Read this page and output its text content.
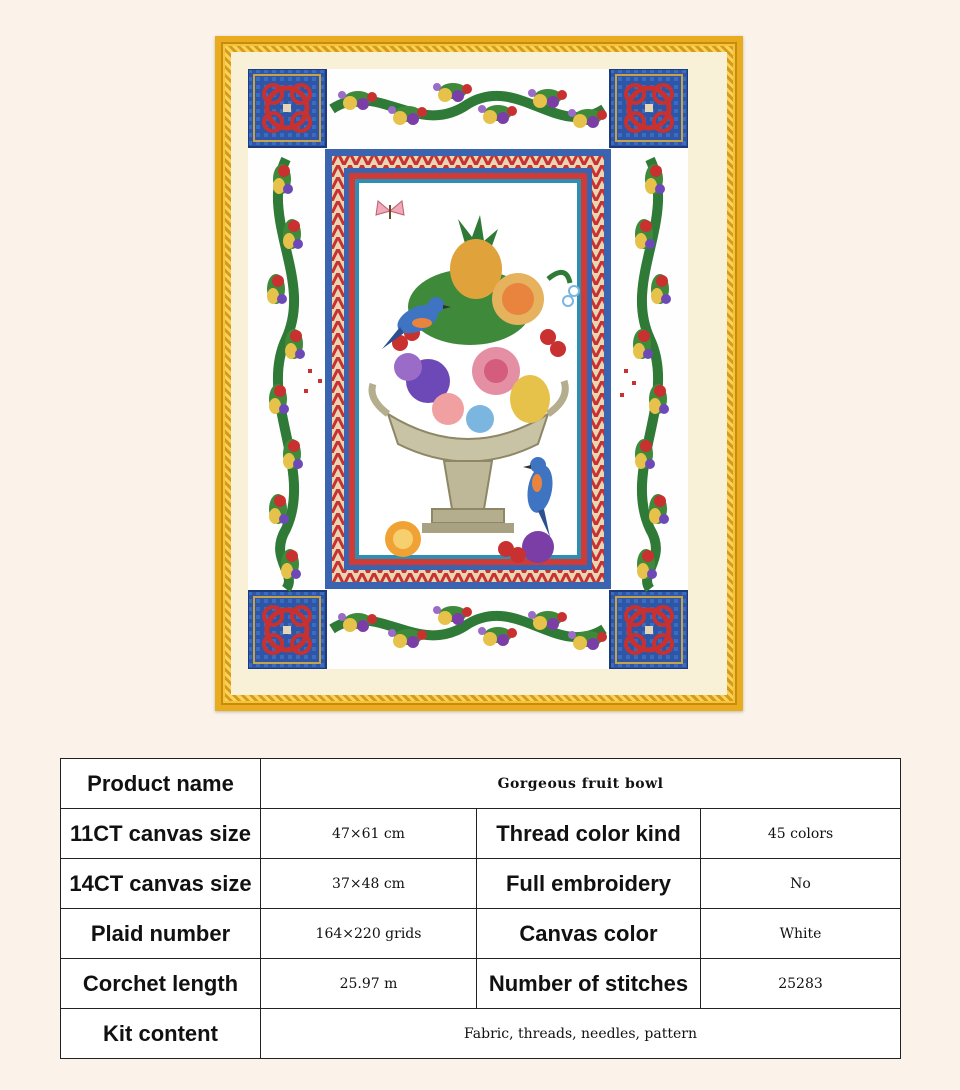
Product name	Gorgeous fruit bowl		
11CT canvas size	47×61 cm	Thread color kind	45 colors
14CT canvas size	37×48 cm	Full embroidery	No
Plaid number	164×220 grids	Canvas color	White
Corchet length	25.97 m	Number of stitches	25283
Kit content	Fabric, threads, needles, pattern		
